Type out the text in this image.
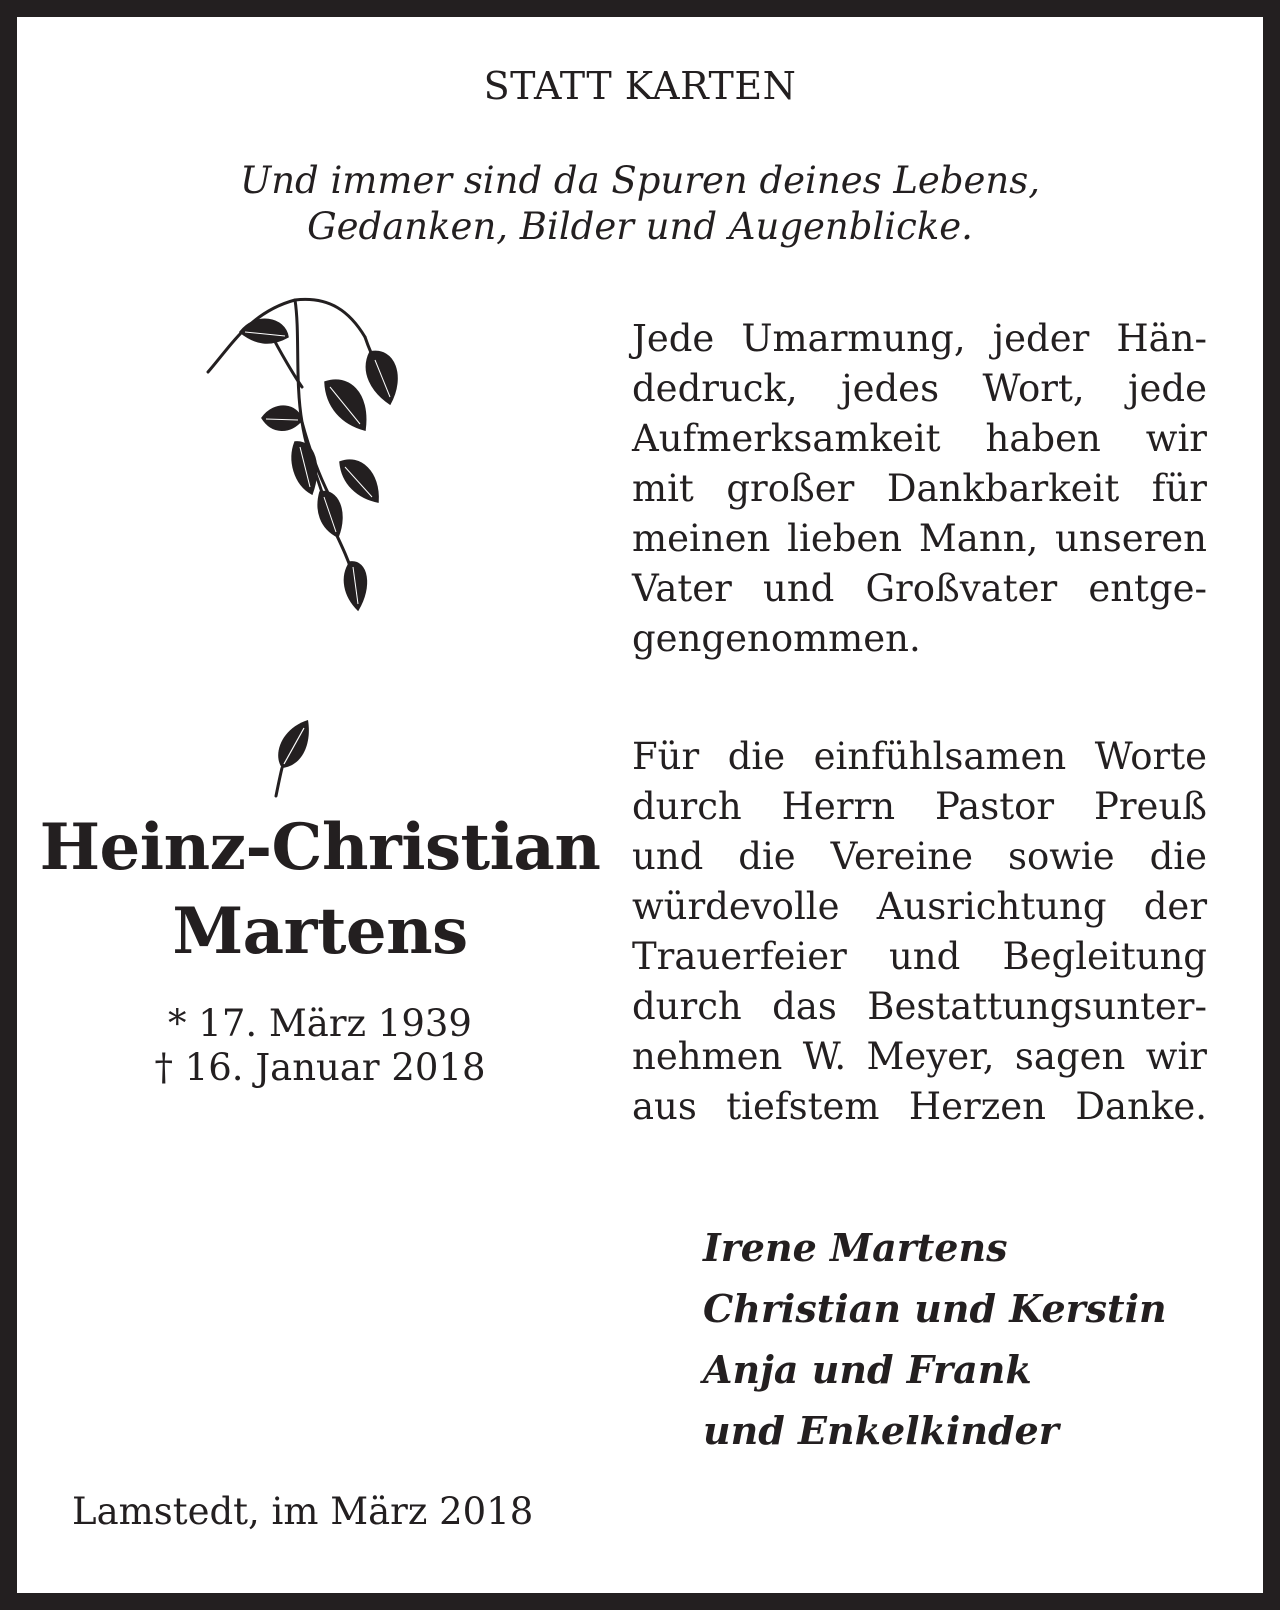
STATT KARTEN
Und immer sind da Spuren deines Lebens,
Gedanken, Bilder und Augenblicke.
Jede Umarmung, jeder Hän-
dedruck, jedes Wort, jede
Aufmerksamkeit haben wir
mit großer Dankbarkeit für
meinen lieben Mann, unseren
Vater und Großvater entge-
gengenommen.
Für die einfühlsamen Worte
durch Herrn Pastor Preuß
und die Vereine sowie die
würdevolle Ausrichtung der
Trauerfeier und Begleitung
durch das Bestattungsunter-
nehmen W. Meyer, sagen wir
aus tiefstem Herzen Danke.
Heinz-Christian
Martens
* 17. März 1939
† 16. Januar 2018
Irene Martens
Christian und Kerstin
Anja und Frank
und Enkelkinder
Lamstedt, im März 2018
